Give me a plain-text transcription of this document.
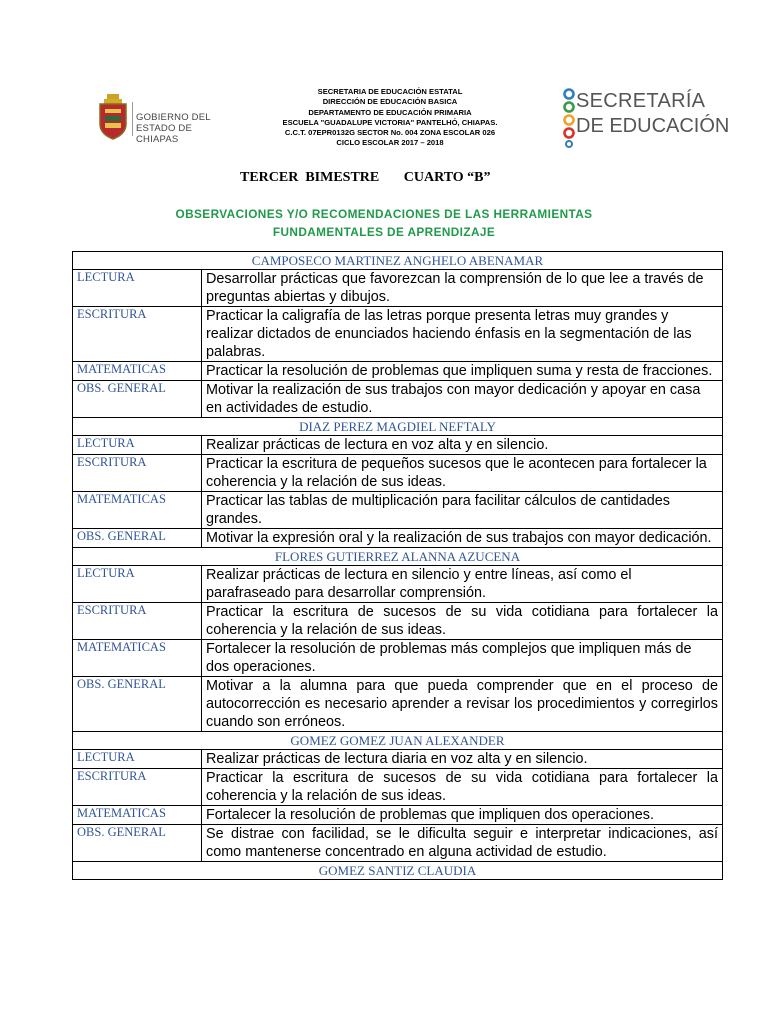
GOBIERNO DEL
ESTADO DE CHIAPAS
SECRETARIA DE EDUCACIÓN ESTATAL
DIRECCIÓN DE EDUCACIÓN BASICA
DEPARTAMENTO DE EDUCACIÓN PRIMARIA
ESCUELA "GUADALUPE VICTORIA" PANTELHÓ, CHIAPAS.
C.C.T. 07EPR0132G SECTOR No. 004 ZONA ESCOLAR 026
CICLO ESCOLAR 2017 – 2018
SECRETARÍA
DE EDUCACIÓN
TERCER  BIMESTRE       CUARTO “B”
OBSERVACIONES Y/O RECOMENDACIONES DE LAS HERRAMIENTAS
FUNDAMENTALES DE APRENDIZAJE
CAMPOSECO MARTINEZ ANGHELO ABENAMAR	
LECTURA	Desarrollar prácticas que favorezcan la comprensión de lo que lee a través de preguntas abiertas y dibujos.
ESCRITURA	Practicar la caligrafía de las letras porque presenta letras muy grandes y realizar dictados de enunciados haciendo énfasis en la segmentación de las palabras.
MATEMATICAS	Practicar la resolución de problemas que impliquen suma y resta de fracciones.
OBS. GENERAL	Motivar la realización de sus trabajos con mayor dedicación y apoyar en casa en actividades de estudio.
DIAZ PEREZ MAGDIEL NEFTALY	
LECTURA	Realizar prácticas de lectura en voz alta y en silencio.
ESCRITURA	Practicar la escritura de pequeños sucesos que le acontecen para fortalecer la coherencia y la relación de sus ideas.
MATEMATICAS	Practicar las tablas de multiplicación para facilitar cálculos de cantidades grandes.
OBS. GENERAL	Motivar la expresión oral y la realización de sus trabajos con mayor dedicación.
FLORES GUTIERREZ ALANNA AZUCENA	
LECTURA	Realizar prácticas de lectura en silencio y entre líneas, así como el parafraseado para desarrollar comprensión.
ESCRITURA	Practicar la escritura de sucesos de su vida cotidiana para fortalecer la coherencia y la relación de sus ideas.
MATEMATICAS	Fortalecer la resolución de problemas más complejos que impliquen más de dos operaciones.
OBS. GENERAL	Motivar a la alumna para que pueda comprender que en el proceso de autocorrección es necesario aprender a revisar los procedimientos y corregirlos cuando son erróneos.
GOMEZ GOMEZ JUAN ALEXANDER	
LECTURA	Realizar prácticas de lectura diaria en voz alta y en silencio.
ESCRITURA	Practicar la escritura de sucesos de su vida cotidiana para fortalecer la coherencia y la relación de sus ideas.
MATEMATICAS	Fortalecer la resolución de problemas que impliquen dos operaciones.
OBS. GENERAL	Se distrae con facilidad, se le dificulta seguir e interpretar indicaciones, así como mantenerse concentrado en alguna actividad de estudio.
GOMEZ SANTIZ CLAUDIA	
